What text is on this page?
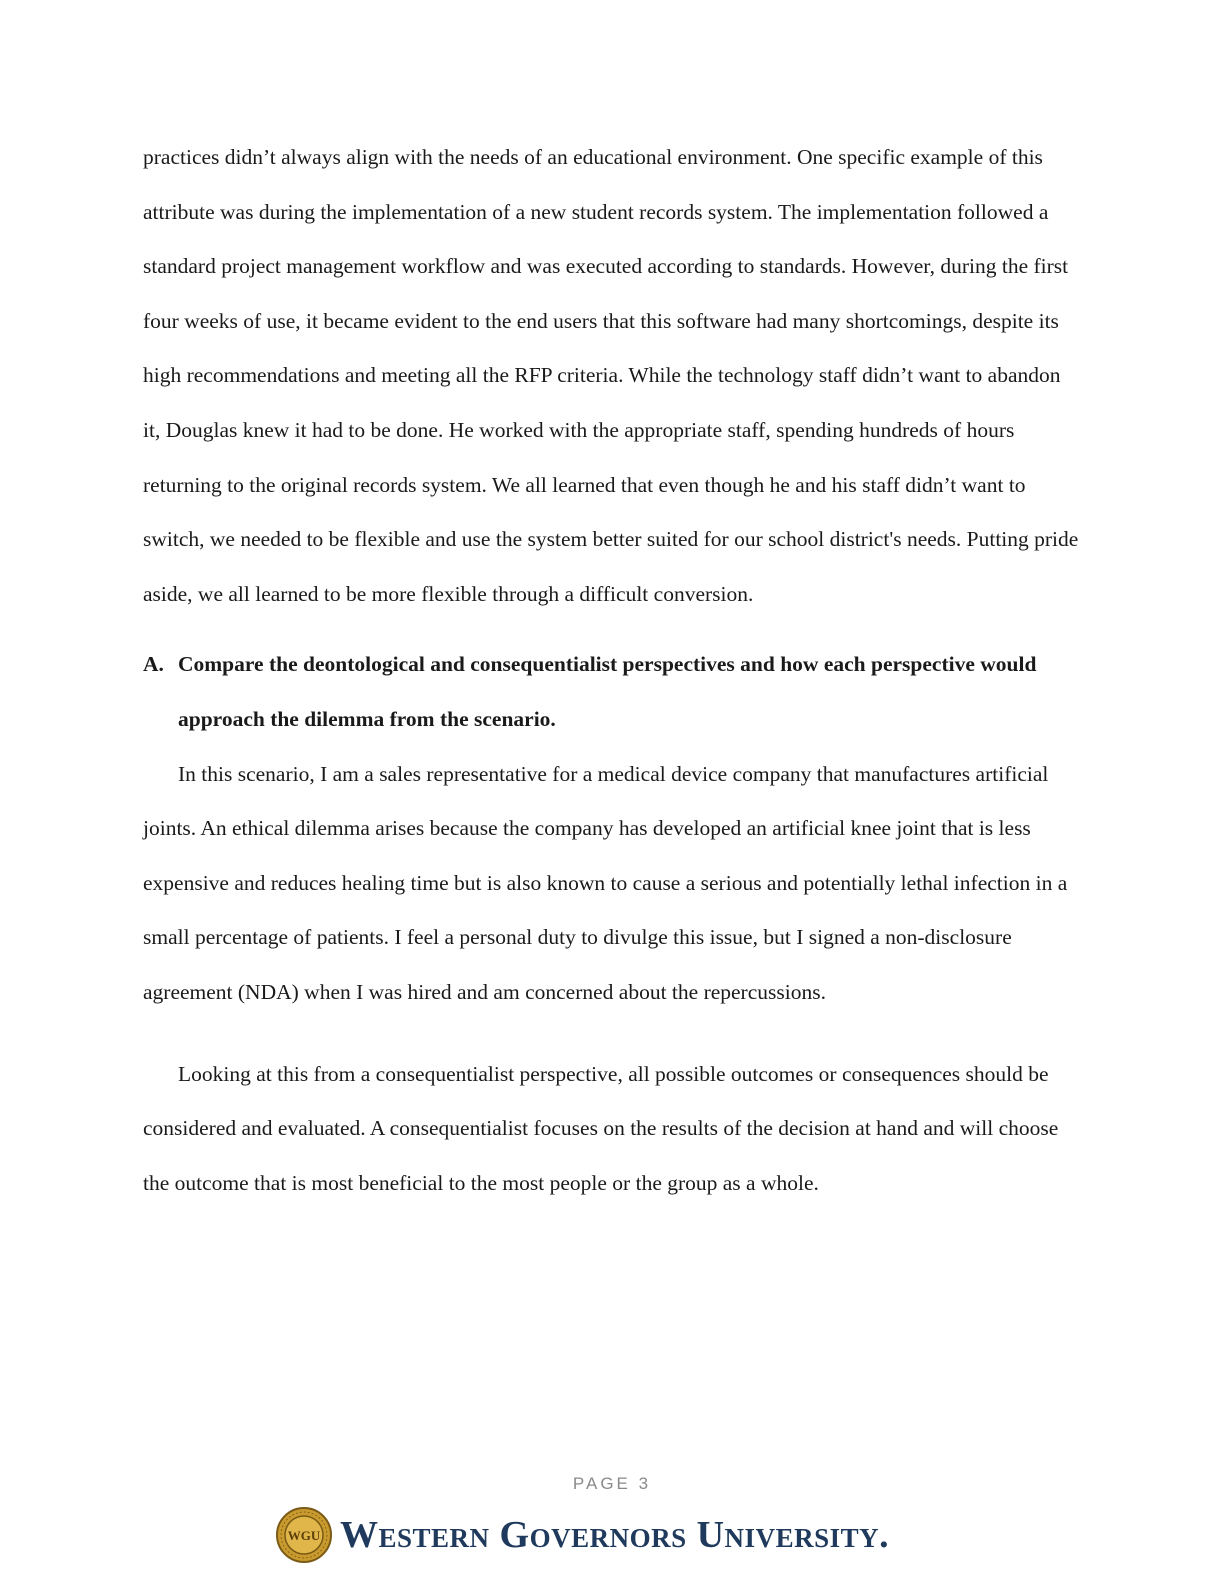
practices didn’t always align with the needs of an educational environment. One specific example of this attribute was during the implementation of a new student records system. The implementation followed a standard project management workflow and was executed according to standards. However, during the first four weeks of use, it became evident to the end users that this software had many shortcomings, despite its high recommendations and meeting all the RFP criteria. While the technology staff didn’t want to abandon it, Douglas knew it had to be done. He worked with the appropriate staff, spending hundreds of hours returning to the original records system. We all learned that even though he and his staff didn’t want to switch, we needed to be flexible and use the system better suited for our school district's needs. Putting pride aside, we all learned to be more flexible through a difficult conversion.

A. Compare the deontological and consequentialist perspectives and how each perspective would approach the dilemma from the scenario.

In this scenario, I am a sales representative for a medical device company that manufactures artificial joints. An ethical dilemma arises because the company has developed an artificial knee joint that is less expensive and reduces healing time but is also known to cause a serious and potentially lethal infection in a small percentage of patients. I feel a personal duty to divulge this issue, but I signed a non-disclosure agreement (NDA) when I was hired and am concerned about the repercussions.

Looking at this from a consequentialist perspective, all possible outcomes or consequences should be considered and evaluated. A consequentialist focuses on the results of the decision at hand and will choose the outcome that is most beneficial to the most people or the group as a whole.

PAGE 3
WGU Western Governors University.
